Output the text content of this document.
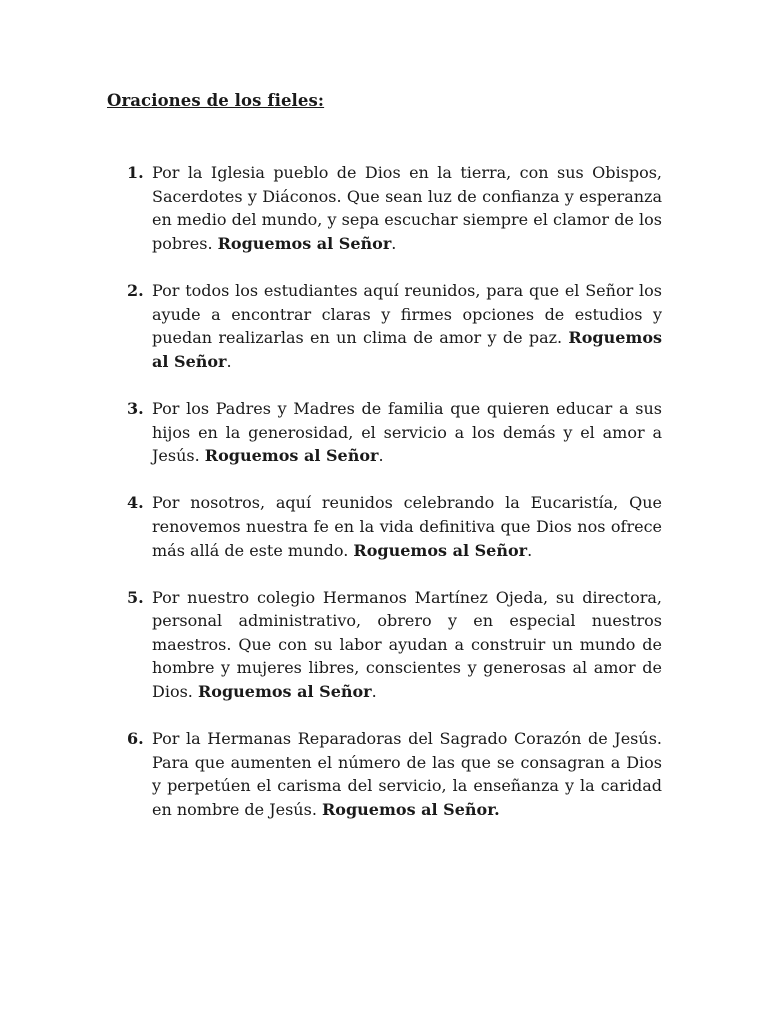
Oraciones de los fieles:
1. Por la Iglesia pueblo de Dios en la tierra, con sus Obispos, Sacerdotes y Diáconos. Que sean luz de confianza y esperanza en medio del mundo, y sepa escuchar siempre el clamor de los pobres. Roguemos al Señor.
2. Por todos los estudiantes aquí reunidos, para que el Señor los ayude a encontrar claras y firmes opciones de estudios y puedan realizarlas en un clima de amor y de paz. Roguemos al Señor.
3. Por los Padres y Madres de familia que quieren educar a sus hijos en la generosidad, el servicio a los demás y el amor a Jesús. Roguemos al Señor.
4. Por nosotros, aquí reunidos celebrando la Eucaristía, Que renovemos nuestra fe en la vida definitiva que Dios nos ofrece más allá de este mundo. Roguemos al Señor.
5. Por nuestro colegio Hermanos Martínez Ojeda, su directora, personal administrativo, obrero y en especial nuestros maestros. Que con su labor ayudan a construir un mundo de hombre y mujeres libres, conscientes y generosas al amor de Dios. Roguemos al Señor.
6. Por la Hermanas Reparadoras del Sagrado Corazón de Jesús. Para que aumenten el número de las que se consagran a Dios y perpetúen el carisma del servicio, la enseñanza y la caridad en nombre de Jesús. Roguemos al Señor.
